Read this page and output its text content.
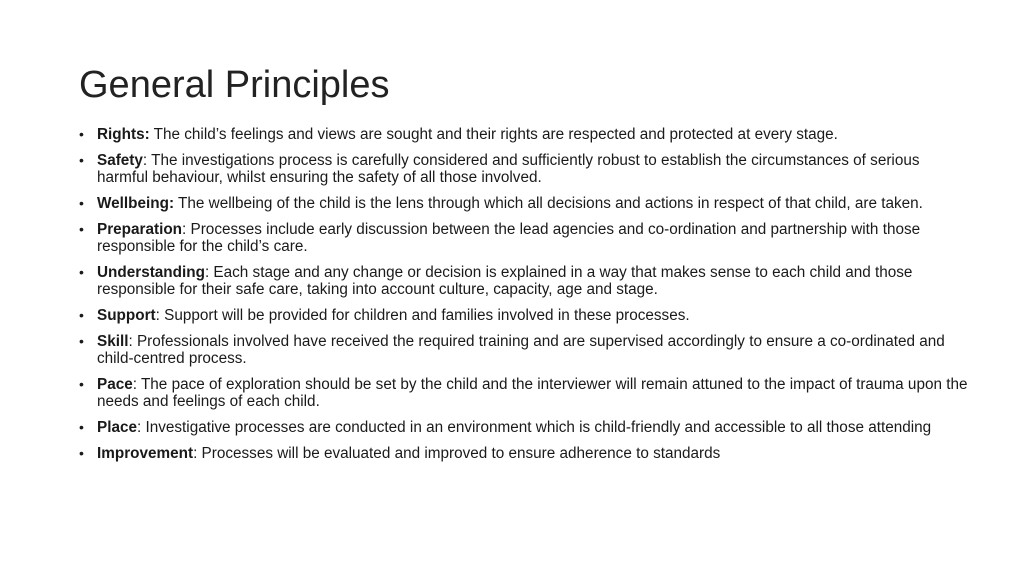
General Principles
• Rights: The child’s feelings and views are sought and their rights are respected and protected at every stage.
• Safety: The investigations process is carefully considered and sufficiently robust to establish the circumstances of serious harmful behaviour, whilst ensuring the safety of all those involved.
• Wellbeing: The wellbeing of the child is the lens through which all decisions and actions in respect of that child, are taken.
• Preparation: Processes include early discussion between the lead agencies and co-ordination and partnership with those responsible for the child’s care.
• Understanding: Each stage and any change or decision is explained in a way that makes sense to each child and those responsible for their safe care, taking into account culture, capacity, age and stage.
• Support: Support will be provided for children and families involved in these processes.
• Skill: Professionals involved have received the required training and are supervised accordingly to ensure a co-ordinated and child-centred process.
• Pace: The pace of exploration should be set by the child and the interviewer will remain attuned to the impact of trauma upon the needs and feelings of each child.
• Place: Investigative processes are conducted in an environment which is child-friendly and accessible to all those attending
• Improvement: Processes will be evaluated and improved to ensure adherence to standards
